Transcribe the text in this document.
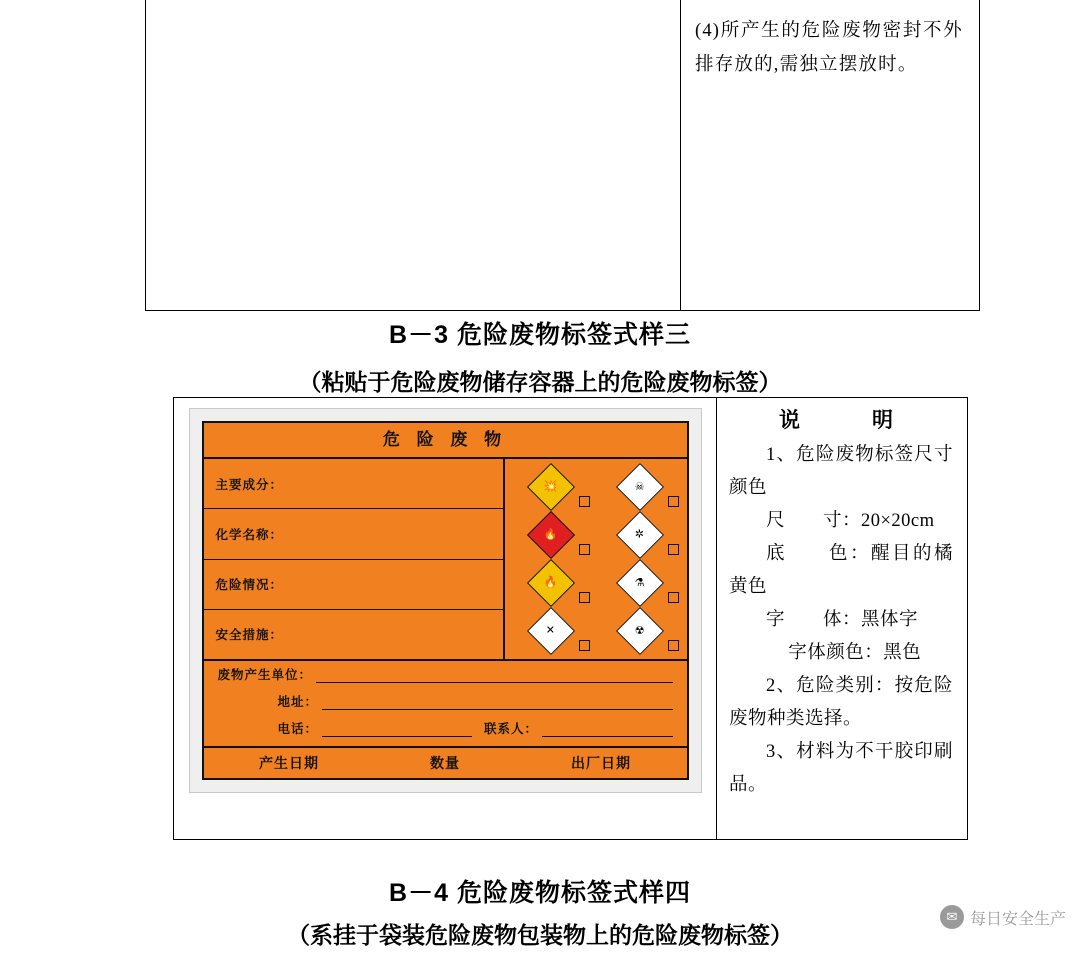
(4)所产生的危险废物密封不外排存放的,需独立摆放时。

B－3 危险废物标签式样三
（粘贴于危险废物储存容器上的危险废物标签）
危 险 废 物
主要成分：
化学名称：
危险情况：
安全措施：
💥	☠
🔥	✲
🔥	⚗
✕	☢
废物产生单位：
地址：
电话：	联系人：
产生日期	数量	出厂日期

说　　明

1、危险废物标签尺寸颜色

尺　　寸：20×20cm

底　　色：醒目的橘黄色

字　　体：黑体字

字体颜色：黑色

2、危险类别：按危险废物种类选择。

3、材料为不干胶印刷品。

B－4 危险废物标签式样四
（系挂于袋装危险废物包装物上的危险废物标签）
✉ 每日安全生产
